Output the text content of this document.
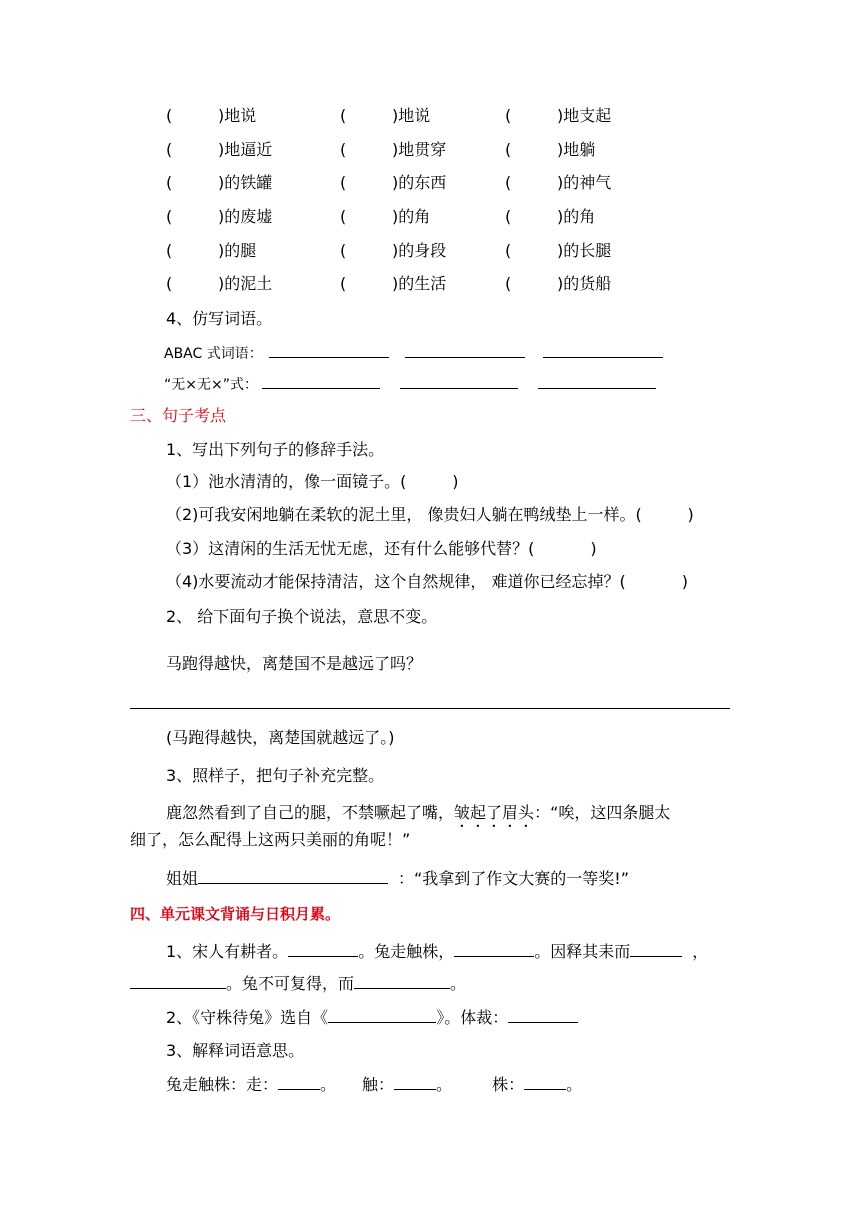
(         )地说	(         )地说	(         )地支起
(         )地逼近	(         )地贯穿	(         )地躺
(         )的铁罐	(         )的东西	(         )的神气
(         )的废墟	(         )的角	(         )的角
(         )的腿	(         )的身段	(         )的长腿
(         )的泥土	(         )的生活	(         )的货船
4、仿写词语。
ABAC 式词语：
“无×无×”式：
三、句子考点
1、写出下列句子的修辞手法。
（1）池水清清的，像一面镜子。(         )
（2)可我安闲地躺在柔软的泥土里， 像贵妇人躺在鸭绒垫上一样。(         )
（3）这清闲的生活无忧无虑，还有什么能够代替？(           )
（4)水要流动才能保持清洁，这个自然规律， 难道你已经忘掉？(           )
2、 给下面句子换个说法，意思不变。
马跑得越快，离楚国不是越远了吗？
(马跑得越快，离楚国就越远了。)
3、照样子，把句子补充完整。
鹿忽然看到了自己的腿，不禁噘起了嘴，皱起了眉头：“唉，这四条腿太
细了，怎么配得上这两只美丽的角呢！”
姐姐	：“我拿到了作文大赛的一等奖!”
四、单元课文背诵与日积月累。
1、宋人有耕者。	。兔走触株，	。因释其耒而	，
。兔不可复得，而	。
2、《守株待兔》选自《	》。体裁：
3、解释词语意思。
兔走触株：走：	。 触：	。	株：	。
